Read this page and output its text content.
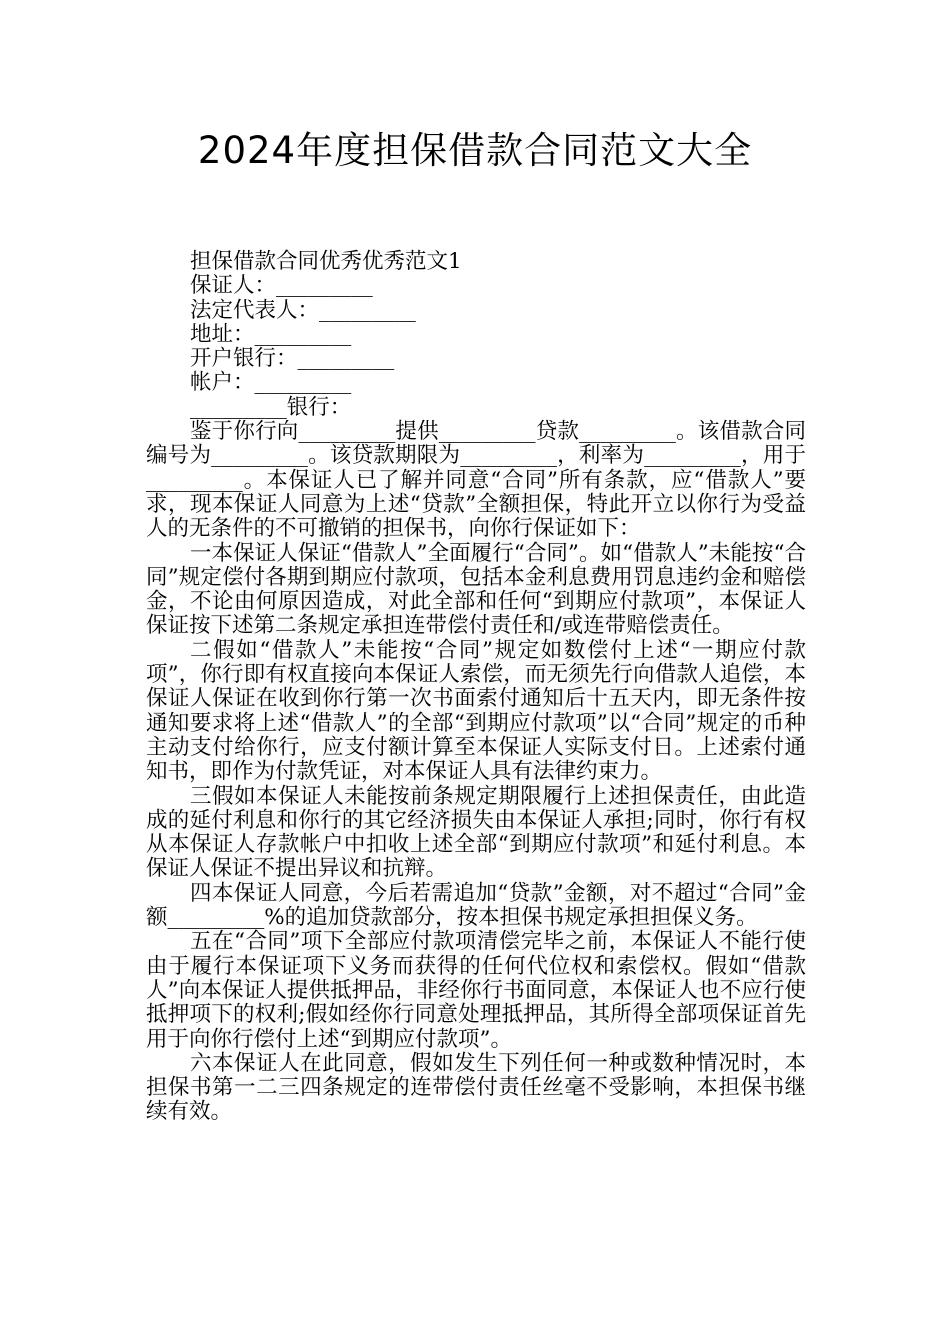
2024年度担保借款合同范文大全
担保借款合同优秀优秀范文1
保证人：_________
法定代表人：_________
地址：_________
开户银行：_________
帐户：_________
_________银行：

鉴于你行向_________提供_________贷款_________。该借款合同编号为_________。该贷款期限为_________，利率为_________，用于_________。本保证人已了解并同意“合同”所有条款，应“借款人”要求，现本保证人同意为上述“贷款”全额担保，特此开立以你行为受益人的无条件的不可撤销的担保书，向你行保证如下：

一本保证人保证“借款人”全面履行“合同”。如“借款人”未能按“合同”规定偿付各期到期应付款项，包括本金利息费用罚息违约金和赔偿金，不论由何原因造成，对此全部和任何“到期应付款项”，本保证人保证按下述第二条规定承担连带偿付责任和/或连带赔偿责任。

二假如“借款人”未能按“合同”规定如数偿付上述“一期应付款项”，你行即有权直接向本保证人索偿，而无须先行向借款人追偿，本保证人保证在收到你行第一次书面索付通知后十五天内，即无条件按通知要求将上述“借款人”的全部“到期应付款项”以“合同”规定的币种主动支付给你行，应支付额计算至本保证人实际支付日。上述索付通知书，即作为付款凭证，对本保证人具有法律约束力。

三假如本保证人未能按前条规定期限履行上述担保责任，由此造成的延付利息和你行的其它经济损失由本保证人承担;同时，你行有权从本保证人存款帐户中扣收上述全部“到期应付款项”和延付利息。本保证人保证不提出异议和抗辩。

四本保证人同意，今后若需追加“贷款”金额，对不超过“合同”金额_________%的追加贷款部分，按本担保书规定承担担保义务。

五在“合同”项下全部应付款项清偿完毕之前，本保证人不能行使由于履行本保证项下义务而获得的任何代位权和索偿权。假如“借款人”向本保证人提供抵押品，非经你行书面同意，本保证人也不应行使抵押项下的权利;假如经你行同意处理抵押品，其所得全部项保证首先用于向你行偿付上述“到期应付款项”。

六本保证人在此同意，假如发生下列任何一种或数种情况时，本担保书第一二三四条规定的连带偿付责任丝毫不受影响，本担保书继续有效。
